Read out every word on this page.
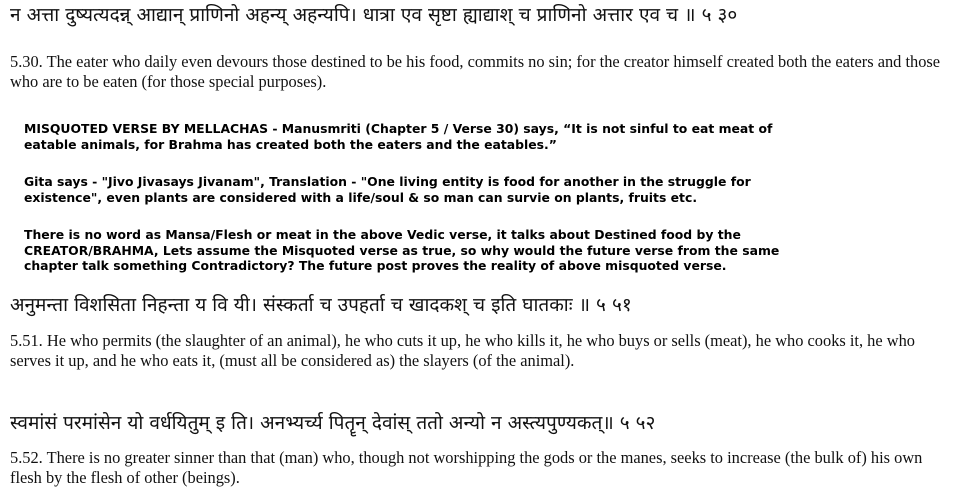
न अत्ता दुष्यत्यदन्न् आद्यान् प्राणिनो अहन्य् अहन्यपि। धात्रा एव सृष्टा ह्याद्याश् च प्राणिनो अत्तार एव च ॥ ५ ३०
5.30. The eater who daily even devours those destined to be his food, commits no sin; for the creator himself created both the eaters and those who are to be eaten (for those special purposes).
MISQUOTED VERSE BY MELLACHAS - Manusmriti (Chapter 5 / Verse 30) says, “It is not sinful to eat meat of eatable animals, for Brahma has created both the eaters and the eatables.”
Gita says - "Jivo Jivasays Jivanam", Translation - "One living entity is food for another in the struggle for existence", even plants are considered with a life/soul & so man can survie on plants, fruits etc.
There is no word as Mansa/Flesh or meat in the above Vedic verse, it talks about Destined food by the CREATOR/BRAHMA, Lets assume the Misquoted verse as true, so why would the future verse from the same chapter talk something Contradictory? The future post proves the reality of above misquoted verse.
अनुमन्ता विशसिता निहन्ता य वि यी। संस्कर्ता च उपहर्ता च खादकश् च इति घातकाः ॥ ५ ५१
5.51. He who permits (the slaughter of an animal), he who cuts it up, he who kills it, he who buys or sells (meat), he who cooks it, he who serves it up, and he who eats it, (must all be considered as) the slayers (of the animal).
स्वमांसं परमांसेन यो वर्धयितुम् इ ति। अनभ्यर्च्य पितॄन् देवांस् ततो अन्यो न अस्त्यपुण्यकत्॥ ५ ५२
5.52. There is no greater sinner than that (man) who, though not worshipping the gods or the manes, seeks to increase (the bulk of) his own flesh by the flesh of other (beings).
